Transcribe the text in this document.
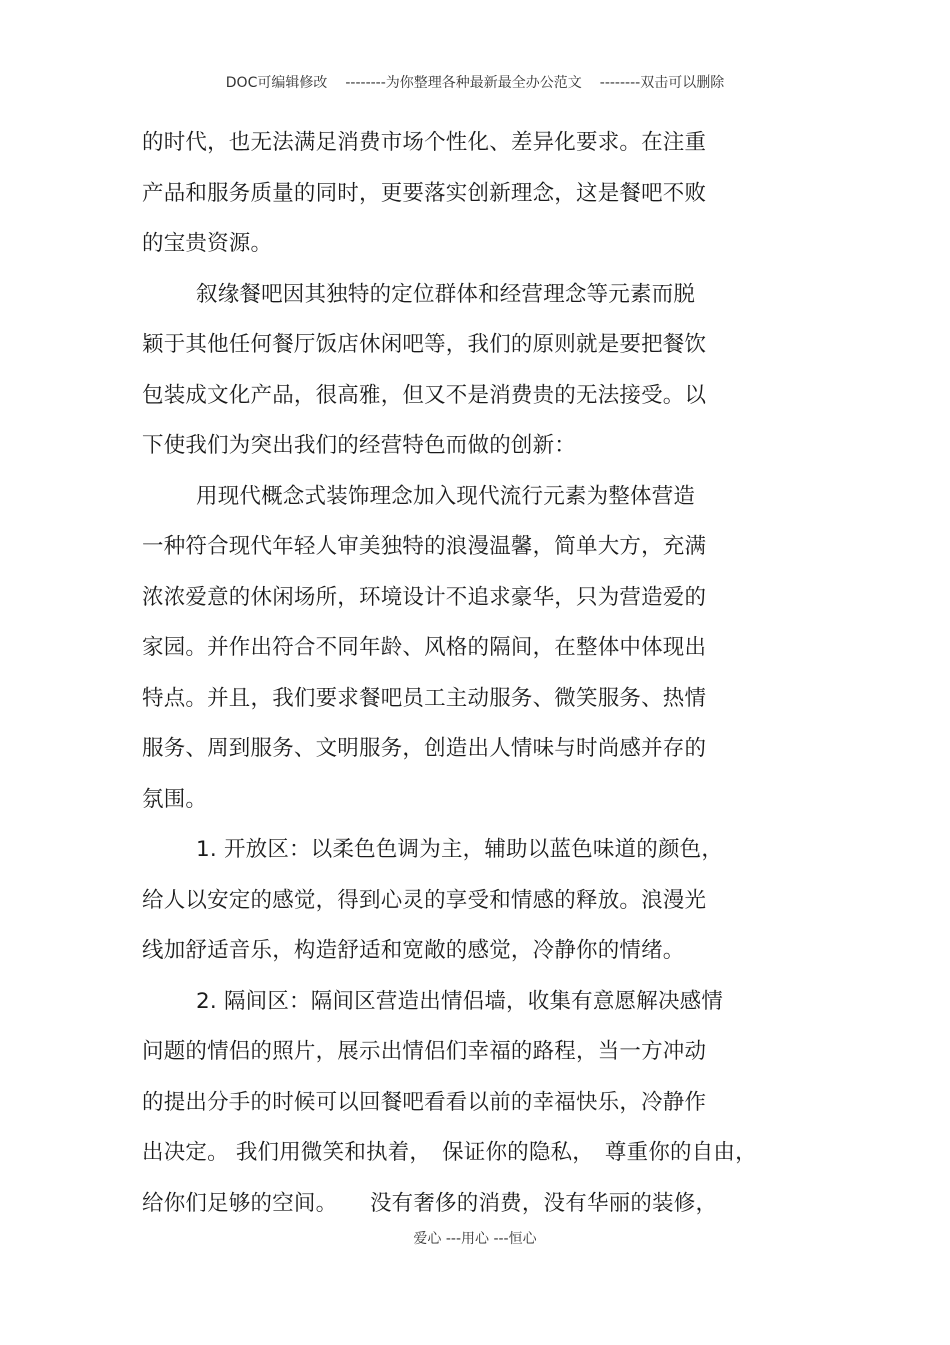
DOC可编辑修改 --------为你整理各种最新最全办公范文 --------双击可以删除
的时代，也无法满足消费市场个性化、差异化要求。在注重
产品和服务质量的同时，更要落实创新理念，这是餐吧不败
的宝贵资源。
叙缘餐吧因其独特的定位群体和经营理念等元素而脱
颖于其他任何餐厅饭店休闲吧等，我们的原则就是要把餐饮
包装成文化产品，很高雅，但又不是消费贵的无法接受。以
下使我们为突出我们的经营特色而做的创新：
用现代概念式装饰理念加入现代流行元素为整体营造
一种符合现代年轻人审美独特的浪漫温馨，简单大方，充满
浓浓爱意的休闲场所，环境设计不追求豪华，只为营造爱的
家园。并作出符合不同年龄、风格的隔间，在整体中体现出
特点。并且，我们要求餐吧员工主动服务、微笑服务、热情
服务、周到服务、文明服务，创造出人情味与时尚感并存的
氛围。
1. 开放区：以柔色色调为主，辅助以蓝色味道的颜色，
给人以安定的感觉，得到心灵的享受和情感的释放。浪漫光
线加舒适音乐，构造舒适和宽敞的感觉，冷静你的情绪。
2. 隔间区：隔间区营造出情侣墙，收集有意愿解决感情
问题的情侣的照片，展示出情侣们幸福的路程，当一方冲动
的提出分手的时候可以回餐吧看看以前的幸福快乐，冷静作
出决定。 我们用微笑和执着，　保证你的隐私，　尊重你的自由，
给你们足够的空间。　　没有奢侈的消费，没有华丽的装修，
爱心 ---用心 ---恒心
